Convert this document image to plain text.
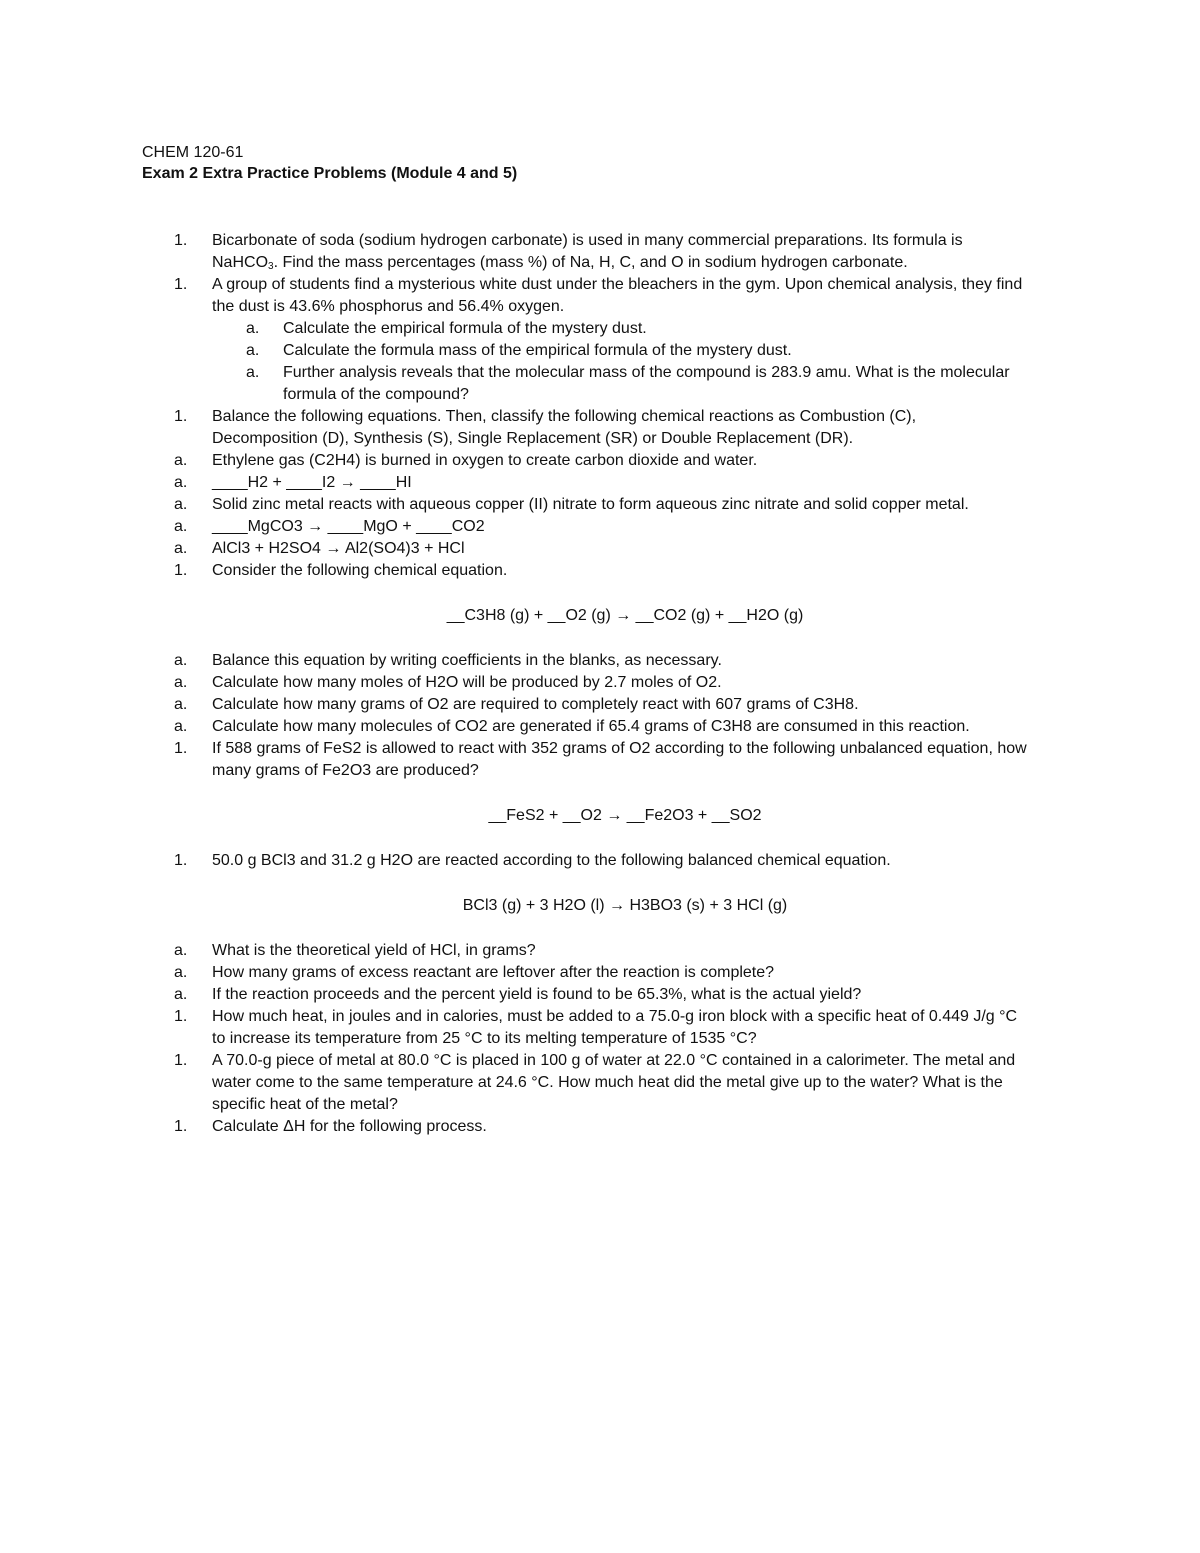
CHEM 120-61
Exam 2 Extra Practice Problems (Module 4 and 5)
1. Bicarbonate of soda (sodium hydrogen carbonate) is used in many commercial preparations. Its formula is
NaHCO$_3$. Find the mass percentages (mass %) of Na, H, C, and O in sodium hydrogen carbonate.
1. A group of students find a mysterious white dust under the bleachers in the gym. Upon chemical analysis, they find
the dust is 43.6% phosphorus and 56.4% oxygen.
a. Calculate the empirical formula of the mystery dust.
a. Calculate the formula mass of the empirical formula of the mystery dust.
a. Further analysis reveals that the molecular mass of the compound is 283.9 amu. What is the molecular
formula of the compound?
1. Balance the following equations. Then, classify the following chemical reactions as Combustion (C),
Decomposition (D), Synthesis (S), Single Replacement (SR) or Double Replacement (DR).
a. Ethylene gas (C2H4) is burned in oxygen to create carbon dioxide and water.
a. ____H2 + ____I2 → ____HI
a. Solid zinc metal reacts with aqueous copper (II) nitrate to form aqueous zinc nitrate and solid copper metal.
a. ____MgCO3 → ____MgO + ____CO2
a. AlCl3 + H2SO4 → Al2(SO4)3 + HCl
1. Consider the following chemical equation.
__C3H8 (g) + __O2 (g) → __CO2 (g) + __H2O (g)
a. Balance this equation by writing coefficients in the blanks, as necessary.
a. Calculate how many moles of H2O will be produced by 2.7 moles of O2.
a. Calculate how many grams of O2 are required to completely react with 607 grams of C3H8.
a. Calculate how many molecules of CO2 are generated if 65.4 grams of C3H8 are consumed in this reaction.
1. If 588 grams of FeS2 is allowed to react with 352 grams of O2 according to the following unbalanced equation, how
many grams of Fe2O3 are produced?
__FeS2 + __O2 → __Fe2O3 + __SO2
1. 50.0 g BCl3 and 31.2 g H2O are reacted according to the following balanced chemical equation.
BCl3 (g) + 3 H2O (l) → H3BO3 (s) + 3 HCl (g)
a. What is the theoretical yield of HCl, in grams?
a. How many grams of excess reactant are leftover after the reaction is complete?
a. If the reaction proceeds and the percent yield is found to be 65.3%, what is the actual yield?
1. How much heat, in joules and in calories, must be added to a 75.0-g iron block with a specific heat of 0.449 J/g °C
to increase its temperature from 25 °C to its melting temperature of 1535 °C?
1. A 70.0-g piece of metal at 80.0 °C is placed in 100 g of water at 22.0 °C contained in a calorimeter. The metal and
water come to the same temperature at 24.6 °C. How much heat did the metal give up to the water? What is the
specific heat of the metal?
1. Calculate ΔH for the following process.
